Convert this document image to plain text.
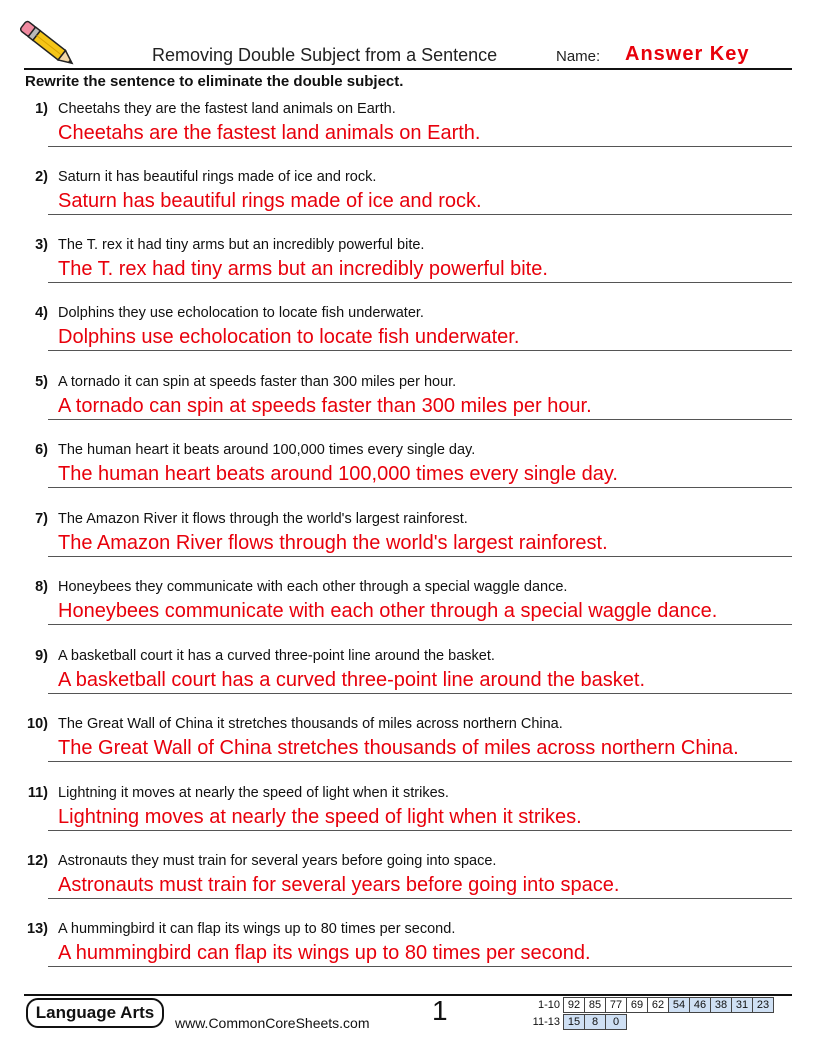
Removing Double Subject from a Sentence	Name: Answer Key
Rewrite the sentence to eliminate the double subject.
1) Cheetahs they are the fastest land animals on Earth.
Cheetahs are the fastest land animals on Earth.
2) Saturn it has beautiful rings made of ice and rock.
Saturn has beautiful rings made of ice and rock.
3) The T. rex it had tiny arms but an incredibly powerful bite.
The T. rex had tiny arms but an incredibly powerful bite.
4) Dolphins they use echolocation to locate fish underwater.
Dolphins use echolocation to locate fish underwater.
5) A tornado it can spin at speeds faster than 300 miles per hour.
A tornado can spin at speeds faster than 300 miles per hour.
6) The human heart it beats around 100,000 times every single day.
The human heart beats around 100,000 times every single day.
7) The Amazon River it flows through the world's largest rainforest.
The Amazon River flows through the world's largest rainforest.
8) Honeybees they communicate with each other through a special waggle dance.
Honeybees communicate with each other through a special waggle dance.
9) A basketball court it has a curved three-point line around the basket.
A basketball court has a curved three-point line around the basket.
10) The Great Wall of China it stretches thousands of miles across northern China.
The Great Wall of China stretches thousands of miles across northern China.
11) Lightning it moves at nearly the speed of light when it strikes.
Lightning moves at nearly the speed of light when it strikes.
12) Astronauts they must train for several years before going into space.
Astronauts must train for several years before going into space.
13) A hummingbird it can flap its wings up to 80 times per second.
A hummingbird can flap its wings up to 80 times per second.
Language Arts
www.CommonCoreSheets.com 1	1-10 92	85	77	69	62	54	46	38	31	23
11-13 15	8	0
